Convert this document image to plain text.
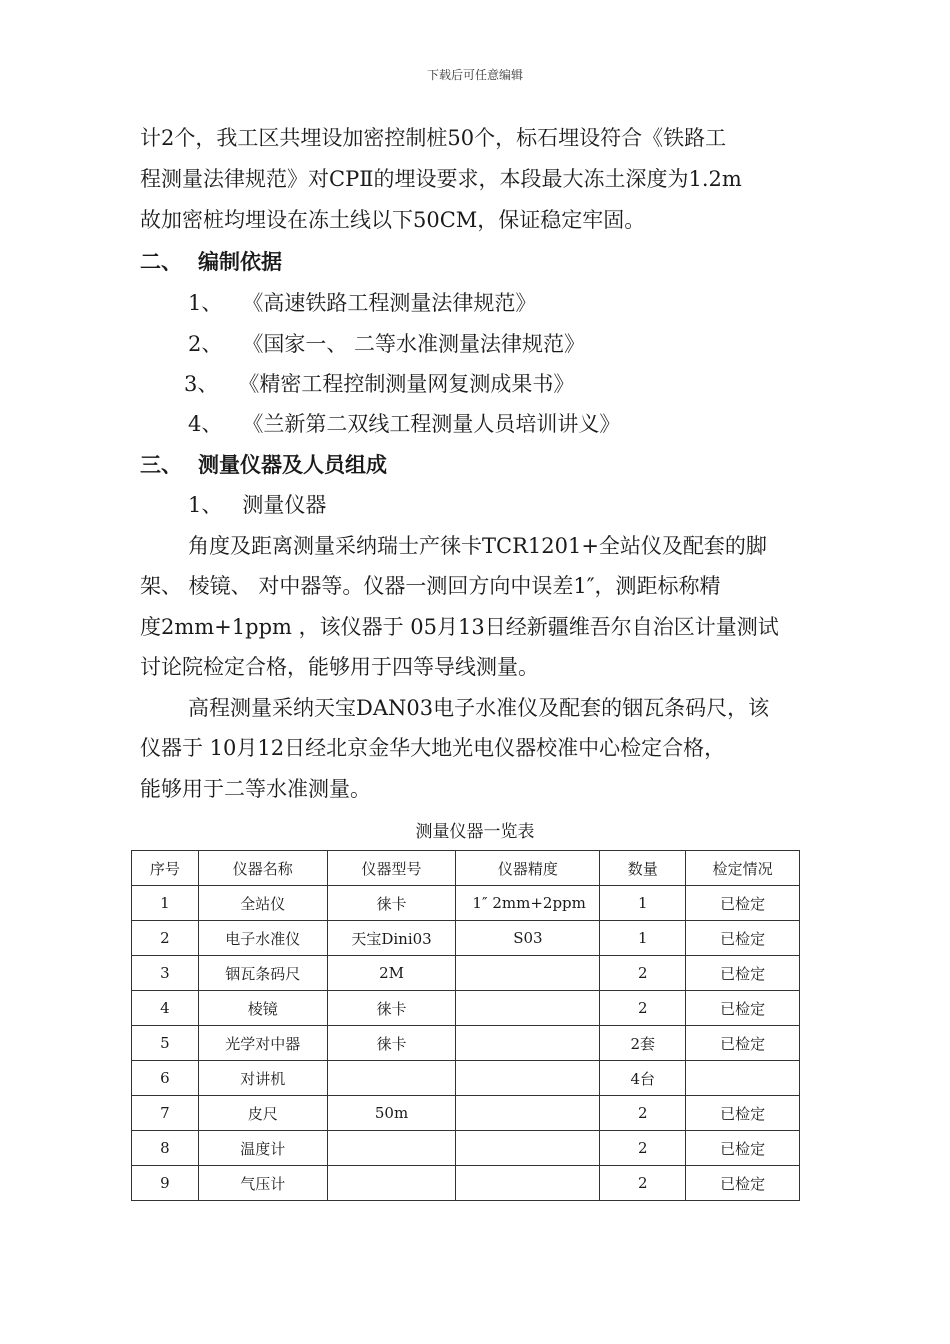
下载后可任意编辑
计2个，我工区共埋设加密控制桩50个，标石埋设符合《铁路工
程测量法律规范》对CPⅡ的埋设要求，本段最大冻土深度为1.2m
故加密桩均埋设在冻土线以下50CM，保证稳定牢固。
二、 编制依据
1、 《高速铁路工程测量法律规范》
2、 《国家一、 二等水准测量法律规范》
3、 《精密工程控制测量网复测成果书》
4、 《兰新第二双线工程测量人员培训讲义》
三、 测量仪器及人员组成
1、 测量仪器
角度及距离测量采纳瑞士产徕卡TCR1201+全站仪及配套的脚
架、 棱镜、 对中器等。仪器一测回方向中误差1″，测距标称精
度2mm+1ppm ，该仪器于 05月13日经新疆维吾尔自治区计量测试
讨论院检定合格，能够用于四等导线测量。
高程测量采纳天宝DAN03电子水准仪及配套的铟瓦条码尺，该
仪器于 10月12日经北京金华大地光电仪器校准中心检定合格，
能够用于二等水准测量。
测量仪器一览表
序号	仪器名称	仪器型号	仪器精度	数量	检定情况
1	全站仪	徕卡	1″ 2mm+2ppm	1	已检定
2	电子水准仪	天宝Dini03	S03	1	已检定
3	铟瓦条码尺	2M		2	已检定
4	棱镜	徕卡		2	已检定
5	光学对中器	徕卡		2套	已检定
6	对讲机			4台	
7	皮尺	50m		2	已检定
8	温度计			2	已检定
9	气压计			2	已检定
